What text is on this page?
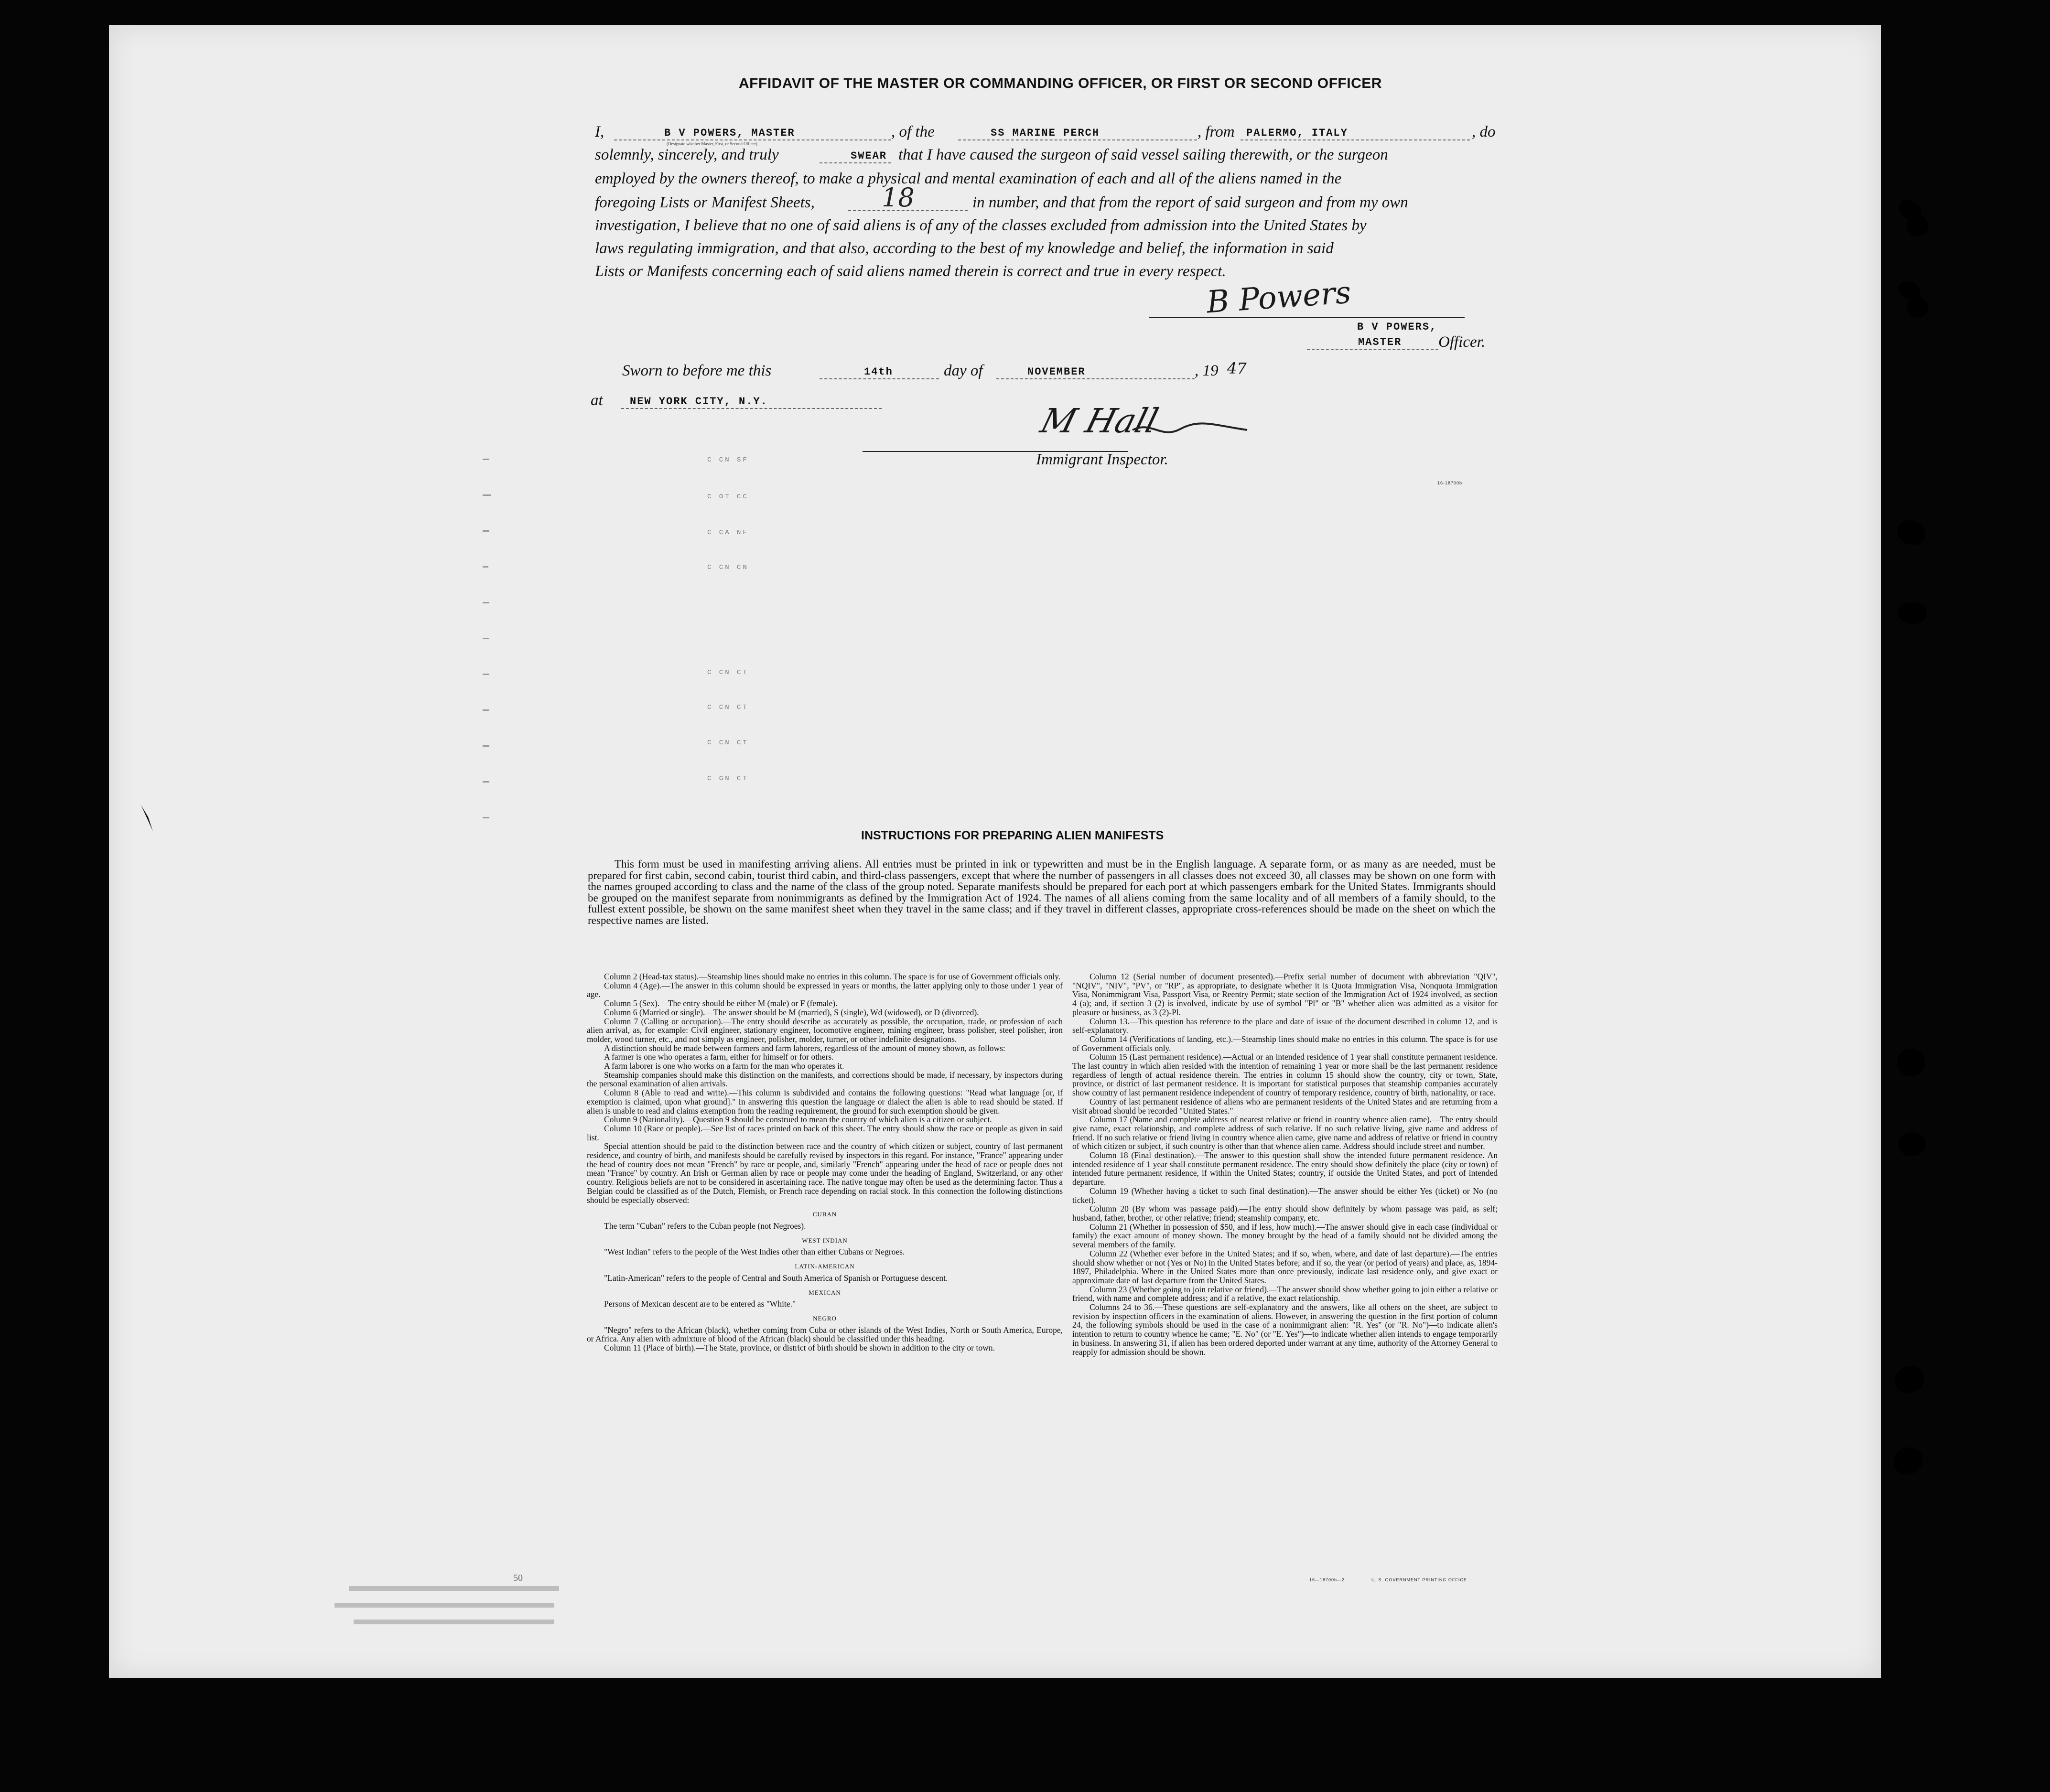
AFFIDAVIT OF THE MASTER OR COMMANDING OFFICER, OR FIRST OR SECOND OFFICER
I,	B V POWERS, MASTER
(Designate whether Master, First, or Second Officer)
, of the	SS MARINE PERCH	, from PALERMO, ITALY	, do
solemnly, sincerely, and truly	SWEAR that I have caused the surgeon of said vessel sailing therewith, or the surgeon
employed by the owners thereof, to make a physical and mental examination of each and all of the aliens named in the
foregoing Lists or Manifest Sheets,	18	in number, and that from the report of said surgeon and from my own
investigation, I believe that no one of said aliens is of any of the classes excluded from admission into the United States by
laws regulating immigration, and that also, according to the best of my knowledge and belief, the information in said
Lists or Manifests concerning each of said aliens named therein is correct and true in every respect.
B Powers
B V POWERS,
MASTER Officer.
Sworn to before me this	14th	day of	NOVEMBER	, 19 47
at	NEW YORK CITY, N.Y.	M Hall
Immigrant Inspector.
16-18700b
C CN SF
C OT CC
C CA NF
C CN CN
C CN CT
C CN CT
C CN CT
C GN CT
INSTRUCTIONS FOR PREPARING ALIEN MANIFESTS
This form must be used in manifesting arriving aliens. All entries must be printed in ink or typewritten and must be in the English language. A separate form, or as many as are needed, must be prepared for first cabin, second cabin, tourist third cabin, and third-class passengers, except that where the number of passengers in all classes does not exceed 30, all classes may be shown on one form with the names grouped according to class and the name of the class of the group noted. Separate manifests should be prepared for each port at which passengers embark for the United States. Immigrants should be grouped on the manifest separate from nonimmigrants as defined by the Immigration Act of 1924. The names of all aliens coming from the same locality and of all members of a family should, to the fullest extent possible, be shown on the same manifest sheet when they travel in the same class; and if they travel in different classes, appropriate cross-references should be made on the sheet on which the respective names are listed.

Column 2 (Head-tax status).—Steamship lines should make no entries in this column. The space is for use of Government officials only.

Column 4 (Age).—The answer in this column should be expressed in years or months, the latter applying only to those under 1 year of age.

Column 5 (Sex).—The entry should be either M (male) or F (female).

Column 6 (Married or single).—The answer should be M (married), S (single), Wd (widowed), or D (divorced).

Column 7 (Calling or occupation).—The entry should describe as accurately as possible, the occupation, trade, or profession of each alien arrival, as, for example: Civil engineer, stationary engineer, locomotive engineer, mining engineer, brass polisher, steel polisher, iron molder, wood turner, etc., and not simply as engineer, polisher, molder, turner, or other indefinite designations.

A distinction should be made between farmers and farm laborers, regardless of the amount of money shown, as follows:

A farmer is one who operates a farm, either for himself or for others.

A farm laborer is one who works on a farm for the man who operates it.

Steamship companies should make this distinction on the manifests, and corrections should be made, if necessary, by inspectors during the personal examination of alien arrivals.

Column 8 (Able to read and write).—This column is subdivided and contains the following questions: "Read what language [or, if exemption is claimed, upon what ground]." In answering this question the language or dialect the alien is able to read should be stated. If alien is unable to read and claims exemption from the reading requirement, the ground for such exemption should be given.

Column 9 (Nationality).—Question 9 should be construed to mean the country of which alien is a citizen or subject.

Column 10 (Race or people).—See list of races printed on back of this sheet. The entry should show the race or people as given in said list.

Special attention should be paid to the distinction between race and the country of which citizen or subject, country of last permanent residence, and country of birth, and manifests should be carefully revised by inspectors in this regard. For instance, "France" appearing under the head of country does not mean "French" by race or people, and, similarly "French" appearing under the head of race or people does not mean "France" by country. An Irish or German alien by race or people may come under the heading of England, Switzerland, or any other country. Religious beliefs are not to be considered in ascertaining race. The native tongue may often be used as the determining factor. Thus a Belgian could be classified as of the Dutch, Flemish, or French race depending on racial stock. In this connection the following distinctions should be especially observed:

CUBAN

The term "Cuban" refers to the Cuban people (not Negroes).

WEST INDIAN

"West Indian" refers to the people of the West Indies other than either Cubans or Negroes.

LATIN-AMERICAN

"Latin-American" refers to the people of Central and South America of Spanish or Portuguese descent.

MEXICAN

Persons of Mexican descent are to be entered as "White."

NEGRO

"Negro" refers to the African (black), whether coming from Cuba or other islands of the West Indies, North or South America, Europe, or Africa. Any alien with admixture of blood of the African (black) should be classified under this heading.

Column 11 (Place of birth).—The State, province, or district of birth should be shown in addition to the city or town.

Column 12 (Serial number of document presented).—Prefix serial number of document with abbreviation "QIV", "NQIV", "NIV", "PV", or "RP", as appropriate, to designate whether it is Quota Immigration Visa, Nonquota Immigration Visa, Nonimmigrant Visa, Passport Visa, or Reentry Permit; state section of the Immigration Act of 1924 involved, as section 4 (a); and, if section 3 (2) is involved, indicate by use of symbol "Pl" or "B" whether alien was admitted as a visitor for pleasure or business, as 3 (2)-Pl.

Column 13.—This question has reference to the place and date of issue of the document described in column 12, and is self-explanatory.

Column 14 (Verifications of landing, etc.).—Steamship lines should make no entries in this column. The space is for use of Government officials only.

Column 15 (Last permanent residence).—Actual or an intended residence of 1 year shall constitute permanent residence. The last country in which alien resided with the intention of remaining 1 year or more shall be the last permanent residence regardless of length of actual residence therein. The entries in column 15 should show the country, city or town, State, province, or district of last permanent residence. It is important for statistical purposes that steamship companies accurately show country of last permanent residence independent of country of temporary residence, country of birth, nationality, or race.

Country of last permanent residence of aliens who are permanent residents of the United States and are returning from a visit abroad should be recorded "United States."

Column 17 (Name and complete address of nearest relative or friend in country whence alien came).—The entry should give name, exact relationship, and complete address of such relative. If no such relative living, give name and address of friend. If no such relative or friend living in country whence alien came, give name and address of relative or friend in country of which citizen or subject, if such country is other than that whence alien came. Address should include street and number.

Column 18 (Final destination).—The answer to this question shall show the intended future permanent residence. An intended residence of 1 year shall constitute permanent residence. The entry should show definitely the place (city or town) of intended future permanent residence, if within the United States; country, if outside the United States, and port of intended departure.

Column 19 (Whether having a ticket to such final destination).—The answer should be either Yes (ticket) or No (no ticket).

Column 20 (By whom was passage paid).—The entry should show definitely by whom passage was paid, as self; husband, father, brother, or other relative; friend; steamship company, etc.

Column 21 (Whether in possession of $50, and if less, how much).—The answer should give in each case (individual or family) the exact amount of money shown. The money brought by the head of a family should not be divided among the several members of the family.

Column 22 (Whether ever before in the United States; and if so, when, where, and date of last departure).—The entries should show whether or not (Yes or No) in the United States before; and if so, the year (or period of years) and place, as, 1894-1897, Philadelphia. Where in the United States more than once previously, indicate last residence only, and give exact or approximate date of last departure from the United States.

Column 23 (Whether going to join relative or friend).—The answer should show whether going to join either a relative or friend, with name and complete address; and if a relative, the exact relationship.

Columns 24 to 36.—These questions are self-explanatory and the answers, like all others on the sheet, are subject to revision by inspection officers in the examination of aliens. However, in answering the question in the first portion of column 24, the following symbols should be used in the case of a nonimmigrant alien: "R. Yes" (or "R. No")—to indicate alien's intention to return to country whence he came; "E. No" (or "E. Yes")—to indicate whether alien intends to engage temporarily in business. In answering 31, if alien has been ordered deported under warrant at any time, authority of the Attorney General to reapply for admission should be shown.

16—18700b—2	U. S. GOVERNMENT PRINTING OFFICE
50
